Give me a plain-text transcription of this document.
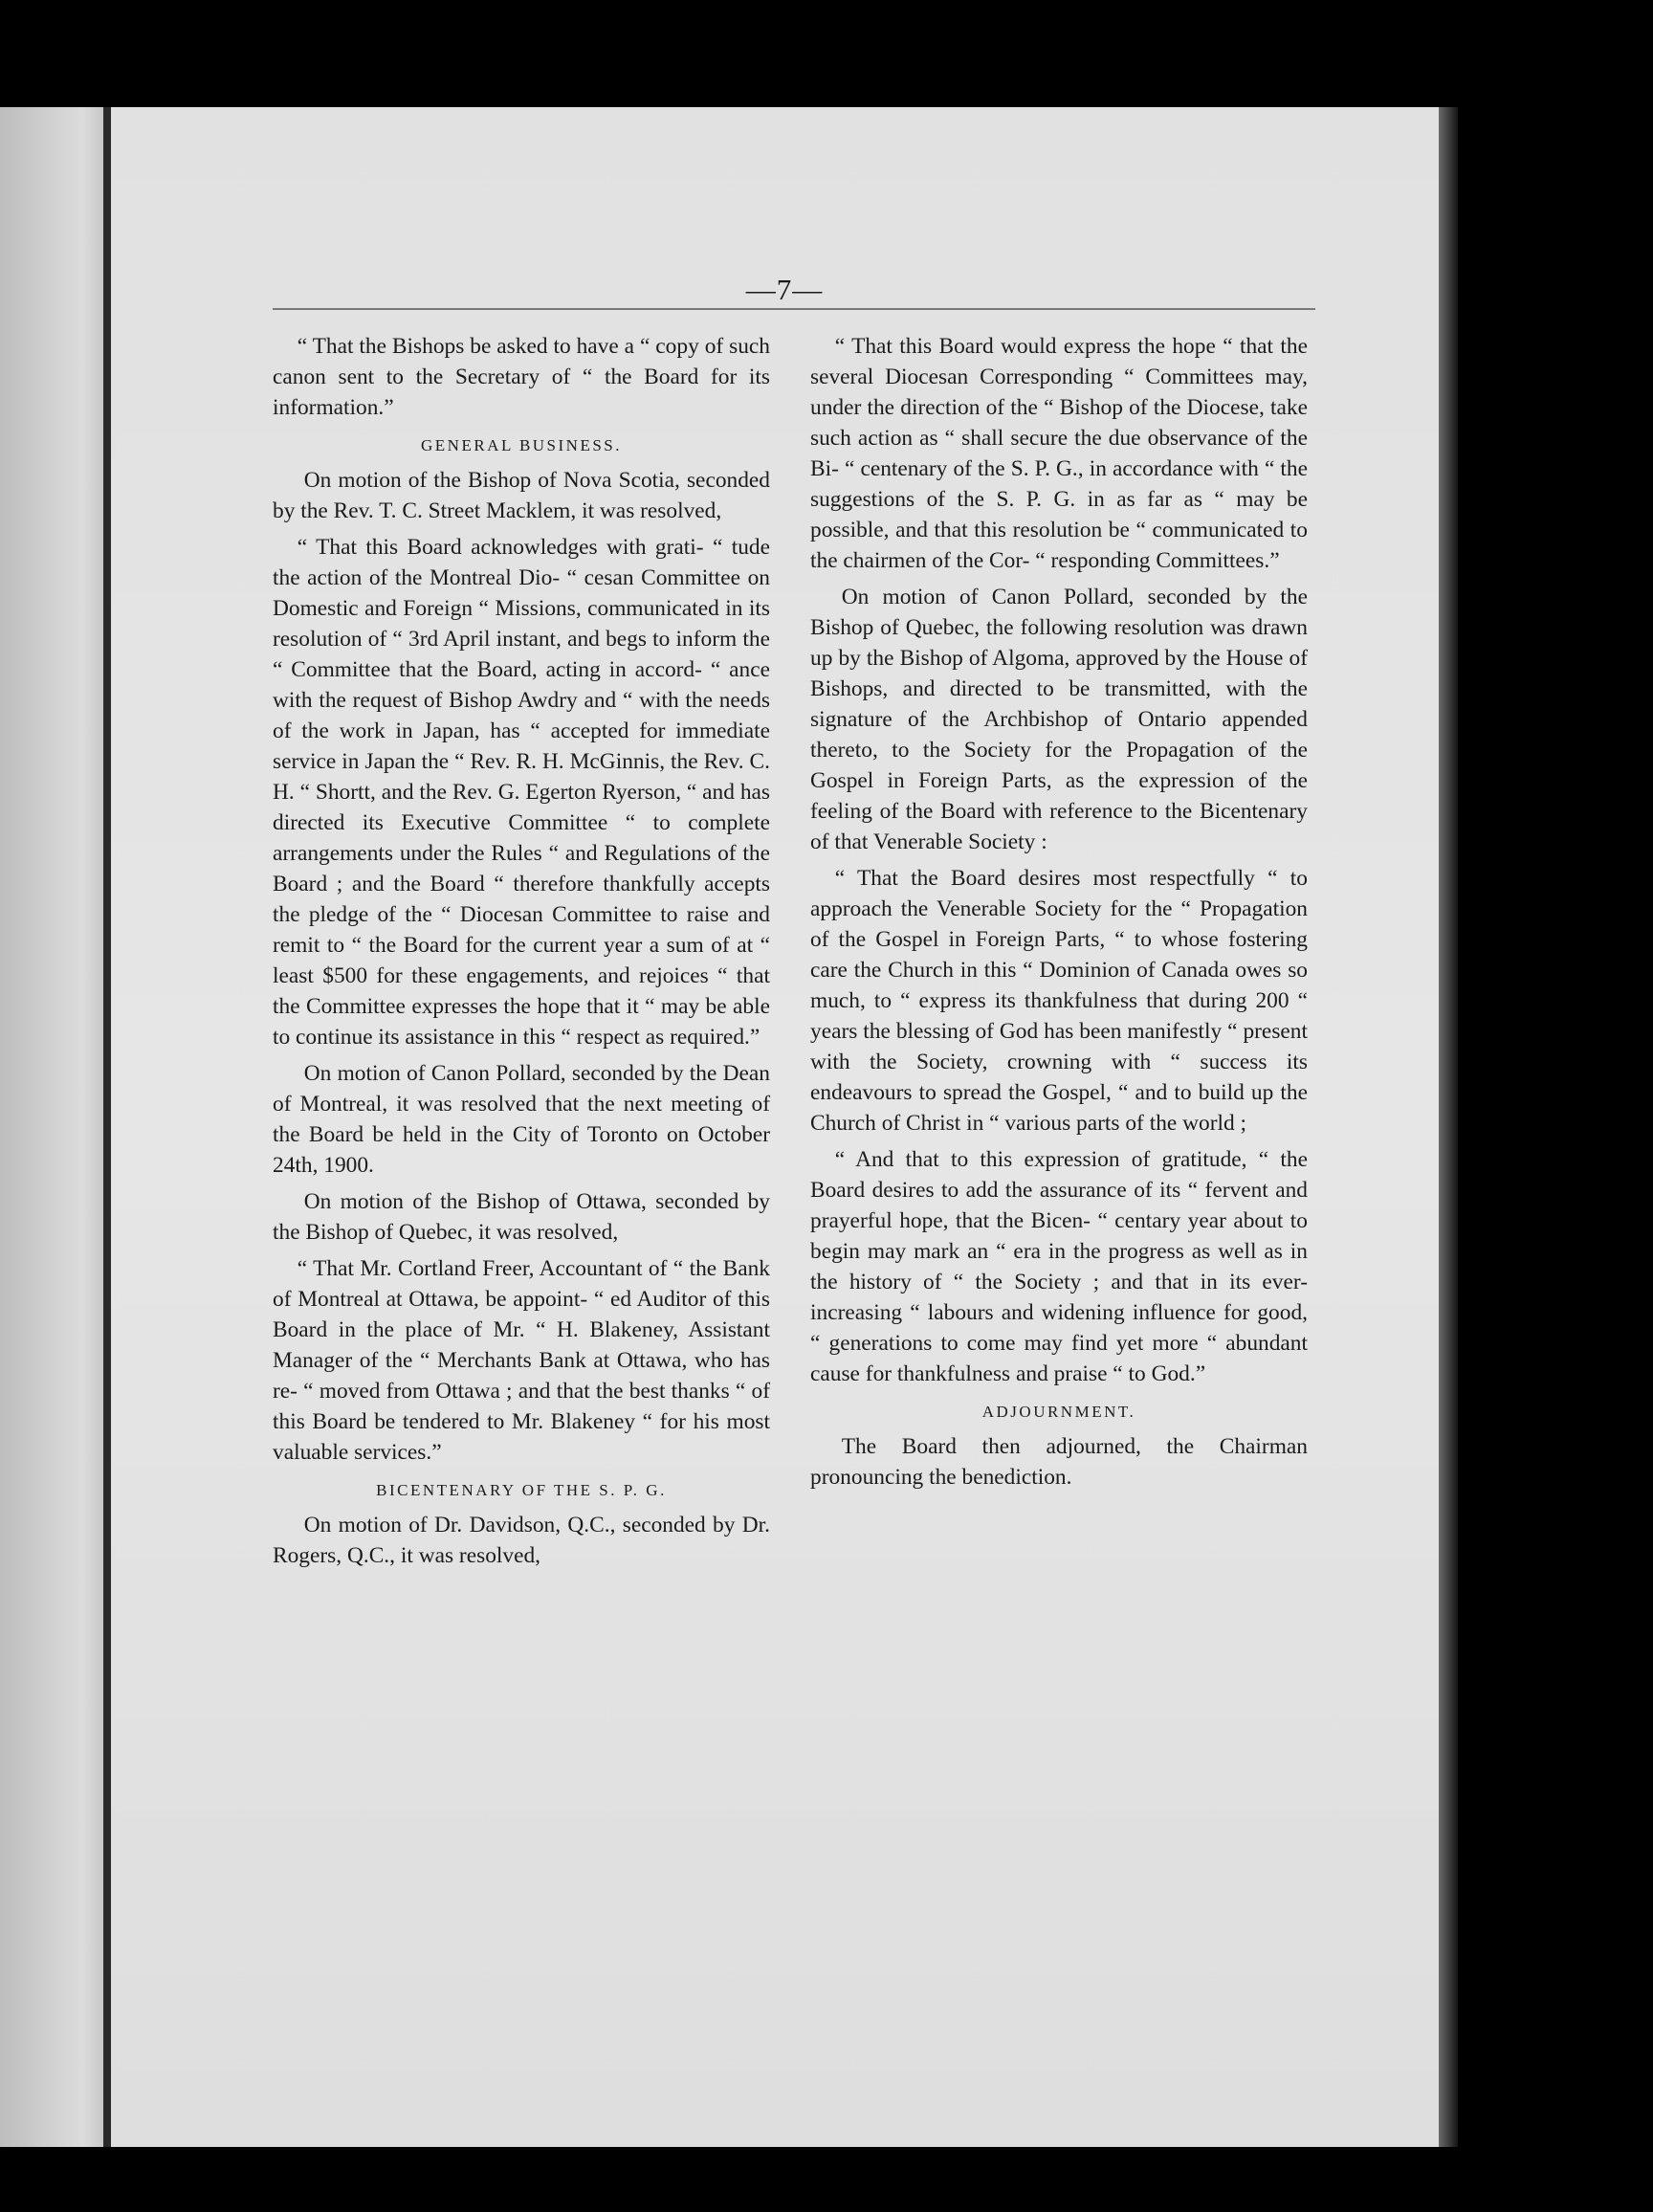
—7—

“ That the Bishops be asked to have a “ copy of such canon sent to the Secretary of “ the Board for its information.”

GENERAL BUSINESS.

On motion of the Bishop of Nova Scotia, seconded by the Rev. T. C. Street Macklem, it was resolved,

“ That this Board acknowledges with grati- “ tude the action of the Montreal Dio- “ cesan Committee on Domestic and Foreign “ Missions, communicated in its resolution of “ 3rd April instant, and begs to inform the “ Committee that the Board, acting in accord- “ ance with the request of Bishop Awdry and “ with the needs of the work in Japan, has “ accepted for immediate service in Japan the “ Rev. R. H. McGinnis, the Rev. C. H. “ Shortt, and the Rev. G. Egerton Ryerson, “ and has directed its Executive Committee “ to complete arrangements under the Rules “ and Regulations of the Board ; and the Board “ therefore thankfully accepts the pledge of the “ Diocesan Committee to raise and remit to “ the Board for the current year a sum of at “ least $500 for these engagements, and rejoices “ that the Committee expresses the hope that it “ may be able to continue its assistance in this “ respect as required.”

On motion of Canon Pollard, seconded by the Dean of Montreal, it was resolved that the next meeting of the Board be held in the City of Toronto on October 24th, 1900.

On motion of the Bishop of Ottawa, seconded by the Bishop of Quebec, it was resolved,

“ That Mr. Cortland Freer, Accountant of “ the Bank of Montreal at Ottawa, be appoint- “ ed Auditor of this Board in the place of Mr. “ H. Blakeney, Assistant Manager of the “ Merchants Bank at Ottawa, who has re- “ moved from Ottawa ; and that the best thanks “ of this Board be tendered to Mr. Blakeney “ for his most valuable services.”

BICENTENARY OF THE S. P. G.

On motion of Dr. Davidson, Q.C., seconded by Dr. Rogers, Q.C., it was resolved,

“ That this Board would express the hope “ that the several Diocesan Corresponding “ Committees may, under the direction of the “ Bishop of the Diocese, take such action as “ shall secure the due observance of the Bi- “ centenary of the S. P. G., in accordance with “ the suggestions of the S. P. G. in as far as “ may be possible, and that this resolution be “ communicated to the chairmen of the Cor- “ responding Committees.”

On motion of Canon Pollard, seconded by the Bishop of Quebec, the following resolution was drawn up by the Bishop of Algoma, approved by the House of Bishops, and directed to be transmitted, with the signature of the Archbishop of Ontario appended thereto, to the Society for the Propagation of the Gospel in Foreign Parts, as the expression of the feeling of the Board with reference to the Bicentenary of that Venerable Society :

“ That the Board desires most respectfully “ to approach the Venerable Society for the “ Propagation of the Gospel in Foreign Parts, “ to whose fostering care the Church in this “ Dominion of Canada owes so much, to “ express its thankfulness that during 200 “ years the blessing of God has been manifestly “ present with the Society, crowning with “ success its endeavours to spread the Gospel, “ and to build up the Church of Christ in “ various parts of the world ;

“ And that to this expression of gratitude, “ the Board desires to add the assurance of its “ fervent and prayerful hope, that the Bicen- “ centary year about to begin may mark an “ era in the progress as well as in the history of “ the Society ; and that in its ever-increasing “ labours and widening influence for good, “ generations to come may find yet more “ abundant cause for thankfulness and praise “ to God.”

ADJOURNMENT.

The Board then adjourned, the Chairman pronouncing the benediction.
